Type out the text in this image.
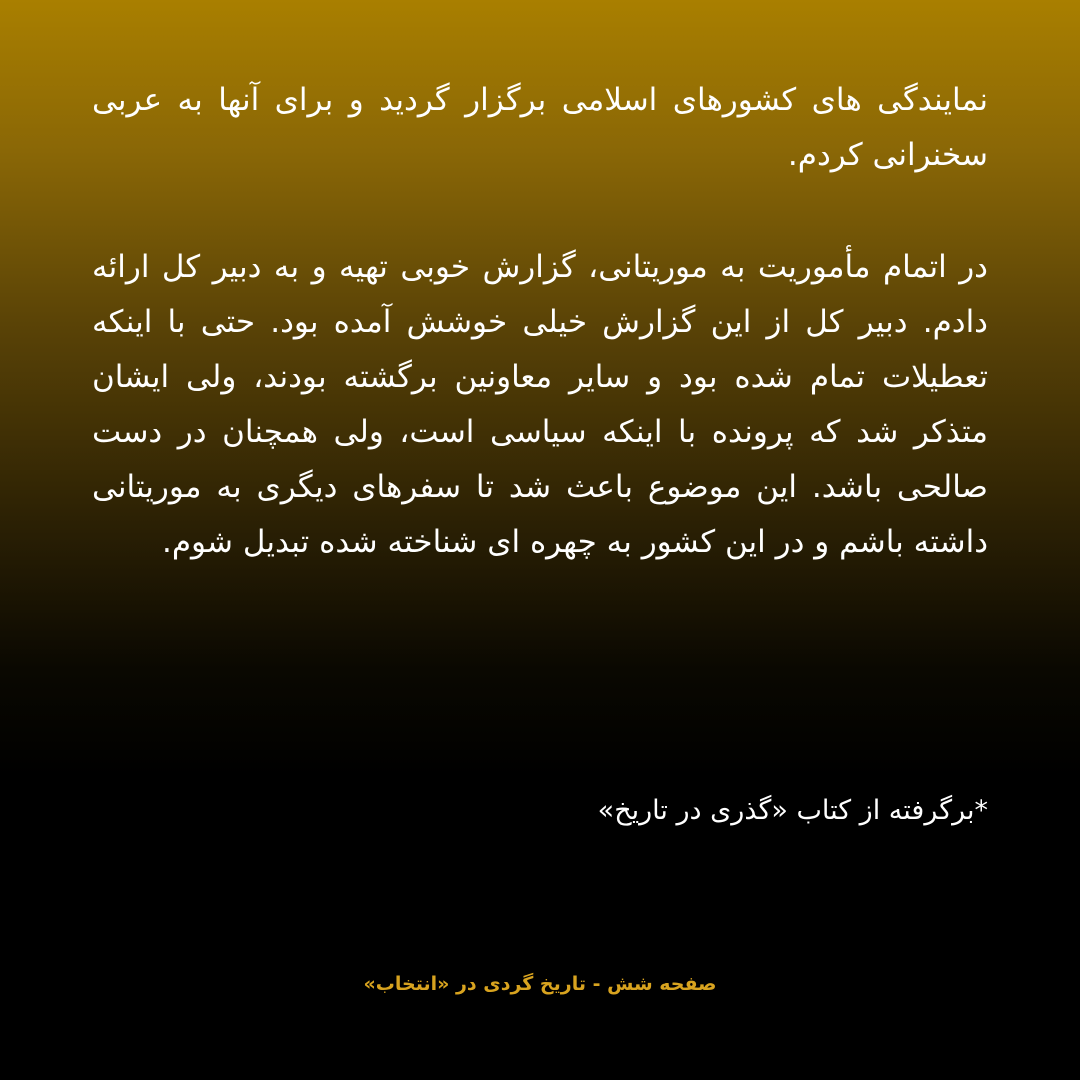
نمایندگی های کشورهای اسلامی برگزار گردید و برای آنها به عربی سخنرانی کردم.

در اتمام مأموریت به موریتانی، گزارش خوبی تهیه و به دبیر کل ارائه دادم. دبیر کل از این گزارش خیلی خوشش آمده بود. حتی با اینکه تعطیلات تمام شده بود و سایر معاونین برگشته بودند، ولی ایشان متذکر شد که پرونده با اینکه سیاسی است، ولی همچنان در دست صالحی باشد. این موضوع باعث شد تا سفرهای دیگری به موریتانی داشته باشم و در این کشور به چهره ای شناخته شده تبدیل شوم.

*برگرفته از کتاب «گذری در تاریخ»

صفحه شش - تاریخ گردی در «انتخاب»
